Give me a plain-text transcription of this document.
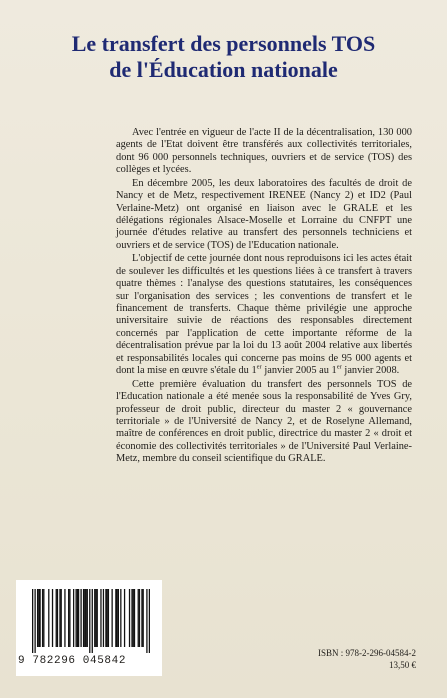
Le transfert des personnels TOS
de l'Éducation nationale

Avec l'entrée en vigueur de l'acte II de la décentralisation, 130 000 agents de l'Etat doivent être transférés aux collectivités territoriales, dont 96 000 personnels techniques, ouvriers et de service (TOS) des collèges et lycées.

En décembre 2005, les deux laboratoires des facultés de droit de Nancy et de Metz, respectivement IRENEE (Nancy 2) et ID2 (Paul Verlaine-Metz) ont organisé en liaison avec le GRALE et les délégations régionales Alsace-Moselle et Lorraine du CNFPT une journée d'études relative au transfert des personnels techniciens et ouvriers et de service (TOS) de l'Education nationale.

L'objectif de cette journée dont nous reproduisons ici les actes était de soulever les difficultés et les questions liées à ce transfert à travers quatre thèmes : l'analyse des questions statutaires, les conséquences sur l'organisation des services ; les conventions de transfert et le financement de transferts. Chaque thème privilégie une approche universitaire suivie de réactions des responsables directement concernés par l'application de cette importante réforme de la décentralisation prévue par la loi du 13 août 2004 relative aux libertés et responsabilités locales qui concerne pas moins de 95 000 agents et dont la mise en œuvre s'étale du 1er janvier 2005 au 1er janvier 2008.

Cette première évaluation du transfert des personnels TOS de l'Education nationale a été menée sous la responsabilité de Yves Gry, professeur de droit public, directeur du master 2 « gouvernance territoriale » de l'Université de Nancy 2, et de Roselyne Allemand, maître de conférences en droit public, directrice du master 2 « droit et économie des collectivités territoriales » de l'Université Paul Verlaine-Metz, membre du conseil scientifique du GRALE.

9 782296 045842
ISBN : 978-2-296-04584-2
13,50 €
